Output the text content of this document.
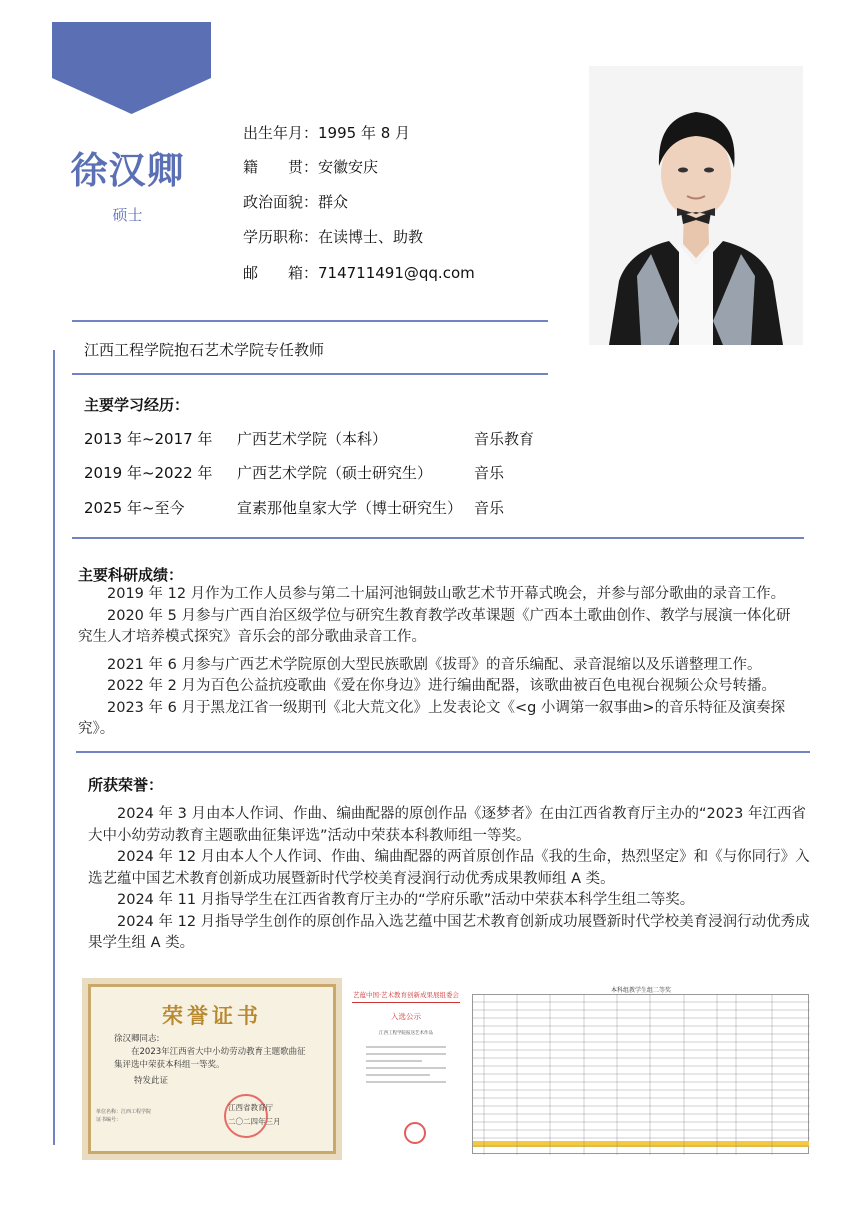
徐汉卿
硕士
出生年月：1995 年 8 月
籍　　贯：安徽安庆
政治面貌：群众
学历职称：在读博士、助教
邮　　箱：714711491@qq.com
江西工程学院抱石艺术学院专任教师
主要学习经历：
2013 年~2017 年 广西艺术学院（本科）	音乐教育
2019 年~2022 年 广西艺术学院（硕士研究生）	音乐
2025 年~至今	宣素那他皇家大学（博士研究生） 音乐
主要科研成绩：
2019 年 12 月作为工作人员参与第二十届河池铜鼓山歌艺术节开幕式晚会，并参与部分歌曲的录音工作。
2020 年 5 月参与广西自治区级学位与研究生教育教学改革课题《广西本土歌曲创作、教学与展演一体化研究生人才培养模式探究》音乐会的部分歌曲录音工作。
2021 年 6 月参与广西艺术学院原创大型民族歌剧《拔哥》的音乐编配、录音混缩以及乐谱整理工作。
2022 年 2 月为百色公益抗疫歌曲《爱在你身边》进行编曲配器，该歌曲被百色电视台视频公众号转播。
2023 年 6 月于黑龙江省一级期刊《北大荒文化》上发表论文《<g 小调第一叙事曲>的音乐特征及演奏探究》。
所获荣誉：
2024 年 3 月由本人作词、作曲、编曲配器的原创作品《逐梦者》在由江西省教育厅主办的“2023 年江西省大中小幼劳动教育主题歌曲征集评选”活动中荣获本科教师组一等奖。
2024 年 12 月由本人个人作词、作曲、编曲配器的两首原创作品《我的生命，热烈坚定》和《与你同行》入选艺蕴中国艺术教育创新成功展暨新时代学校美育浸润行动优秀成果教师组 A 类。
2024 年 11 月指导学生在江西省教育厅主办的“学府乐歌”活动中荣获本科学生组二等奖。
2024 年 12 月指导学生创作的原创作品入选艺蕴中国艺术教育创新成功展暨新时代学校美育浸润行动优秀成果学生组 A 类。
荣誉证书
徐汉卿同志:
在2023年江西省大中小幼劳动教育主题歌曲征集评选中荣获本科组一等奖。
特发此证
单位名称：江西工程学院
证书编号：
江西省教育厅
二〇二四年三月
艺蕴中国·艺术教育创新成果展组委会
入选公示
江西工程学院报送艺术作品
本科组教学生组二等奖
